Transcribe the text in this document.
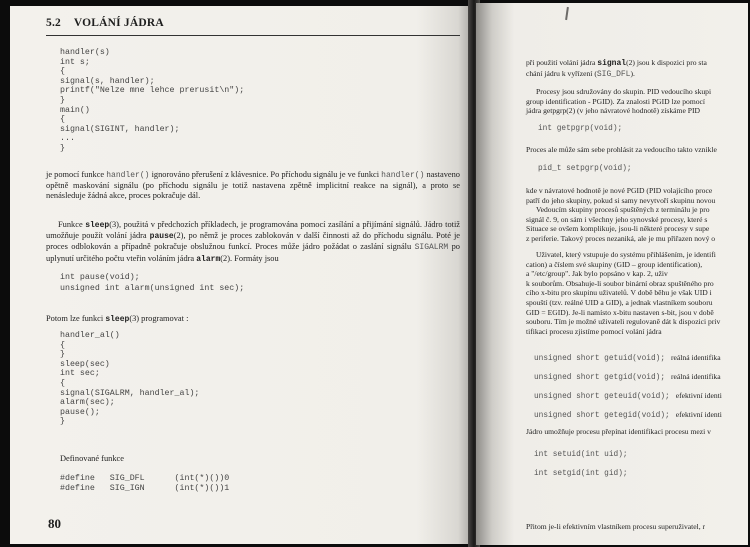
5.2 VOLÁNÍ JÁDRA
handler(s)
int s;
{
signal(s, handler);
printf("Nelze mne lehce prerusit\n");
}
main()
{
signal(SIGINT, handler);
...
}

je pomocí funkce handler() ignorováno přerušení z klávesnice. Po příchodu signálu je ve funkci handler() nastaveno opětně maskování signálu (po příchodu signálu je totiž nastavena zpětně implicitní reakce na signál), a proto se nenásleduje žádná akce, proces pokračuje dál.

Funkce sleep(3), použitá v předchozích příkladech, je programována pomocí zasílání a přijímání signálů. Jádro totiž umožňuje použít volání jádra pause(2), po němž je proces zablokován v další činnosti až do příchodu signálu. Poté je proces odblokován a případně pokračuje obslužnou funkcí. Proces může jádro požádat o zaslání signálu SIGALRM po uplynutí určitého počtu vteřin voláním jádra alarm(2). Formáty jsou

int pause(void);
unsigned int alarm(unsigned int sec);

Potom lze funkci sleep(3) programovat :

handler_al()
{
}
sleep(sec)
int sec;
{
signal(SIGALRM, handler_al);
alarm(sec);
pause();
}

Definované funkce

#define   SIG_DFL      (int(*)())0
#define   SIG_IGN      (int(*)())1
80

při použití volání jádra signal(2) jsou k dispozici pro sta
chání jádru k vyřízení (SIG_DFL).

Procesy jsou sdružovány do skupin. PID vedoucího skupi
group identification - PGID). Za znalosti PGID lze pomocí
jádra getpgrp(2) (v jeho návratové hodnotě) získáme PID

int getpgrp(void);

Proces ale může sám sebe prohlásit za vedoucího takto vznikle

pid_t setpgrp(void);

kde v návratové hodnotě je nové PGID (PID volajícího proce
patří do jeho skupiny, pokud si samy nevytvoří skupinu novou
Vedoucím skupiny procesů spuštěných z terminálu je pro
signál č. 9, on sám i všechny jeho synovské procesy, které s
Situace se ovšem komplikuje, jsou-li některé procesy v supe
z periferie. Takový proces nezaniká, ale je mu přiřazen nový o

Uživatel, který vstupuje do systému přihlášením, je identifi
cation) a číslem své skupiny (GID – group identification),
a "/etc/group". Jak bylo popsáno v kap. 2, uživ
k souborům. Obsahuje-li soubor binární obraz spuštěného pro
cího x-bitu pro skupinu uživatelů. V době běhu je však UID i
spouští (tzv. reálné UID a GID), a jednak vlastníkem souboru
GID = EGID). Je-li namísto x-bitu nastaven s-bit, jsou v době
souboru. Tím je možné uživateli regulovaně dát k dispozici priv
tifikaci procesu zjistíme pomocí volání jádra

unsigned short getuid(void); reálná identifika
unsigned short getgid(void); reálná identifika
unsigned short geteuid(void); efektivní identi
unsigned short getegid(void); efektivní identi

Jádro umožňuje procesu přepínat identifikaci procesu mezi v

int setuid(int uid);
int setgid(int gid);

Přitom je-li efektivním vlastníkem procesu superuživatel, r
